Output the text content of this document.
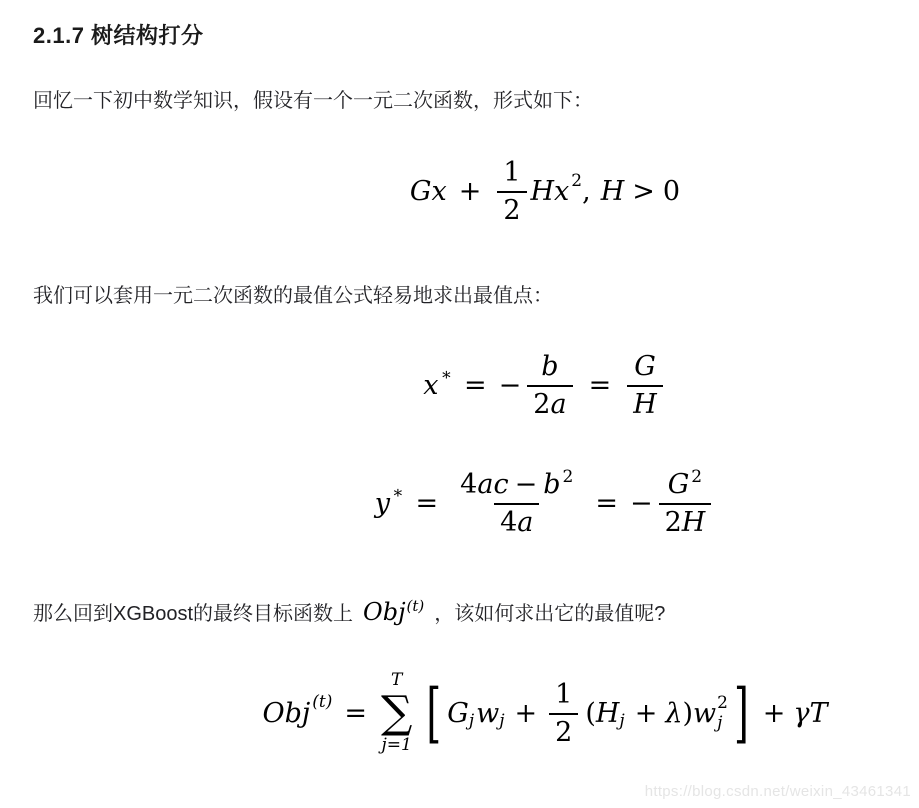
2.1.7 树结构打分

回忆一下初中数学知识，假设有一个一元二次函数，形式如下：

$Gx + \frac{1}{2}$ Hx 2 , H > 0

我们可以套用一元二次函数的最值公式轻易地求出最值点：

x ∗ = − $\frac{b}{2 a} = \frac{G}{H}$
y ∗ = $\frac{4 ac - b 2}{4 a}$ = − $\frac{G 2}{2 H}$

那么回到XGBoost的最终目标函数上 Obj$^{(t)}$ ，该如何求出它的最值呢?

Obj (t) =
T
∑
j=1 [ G j w $j + \frac{1}{2}$ ( H j + λ ) w 2
j ] + γ T
https://blog.csdn.net/weixin_43461341
